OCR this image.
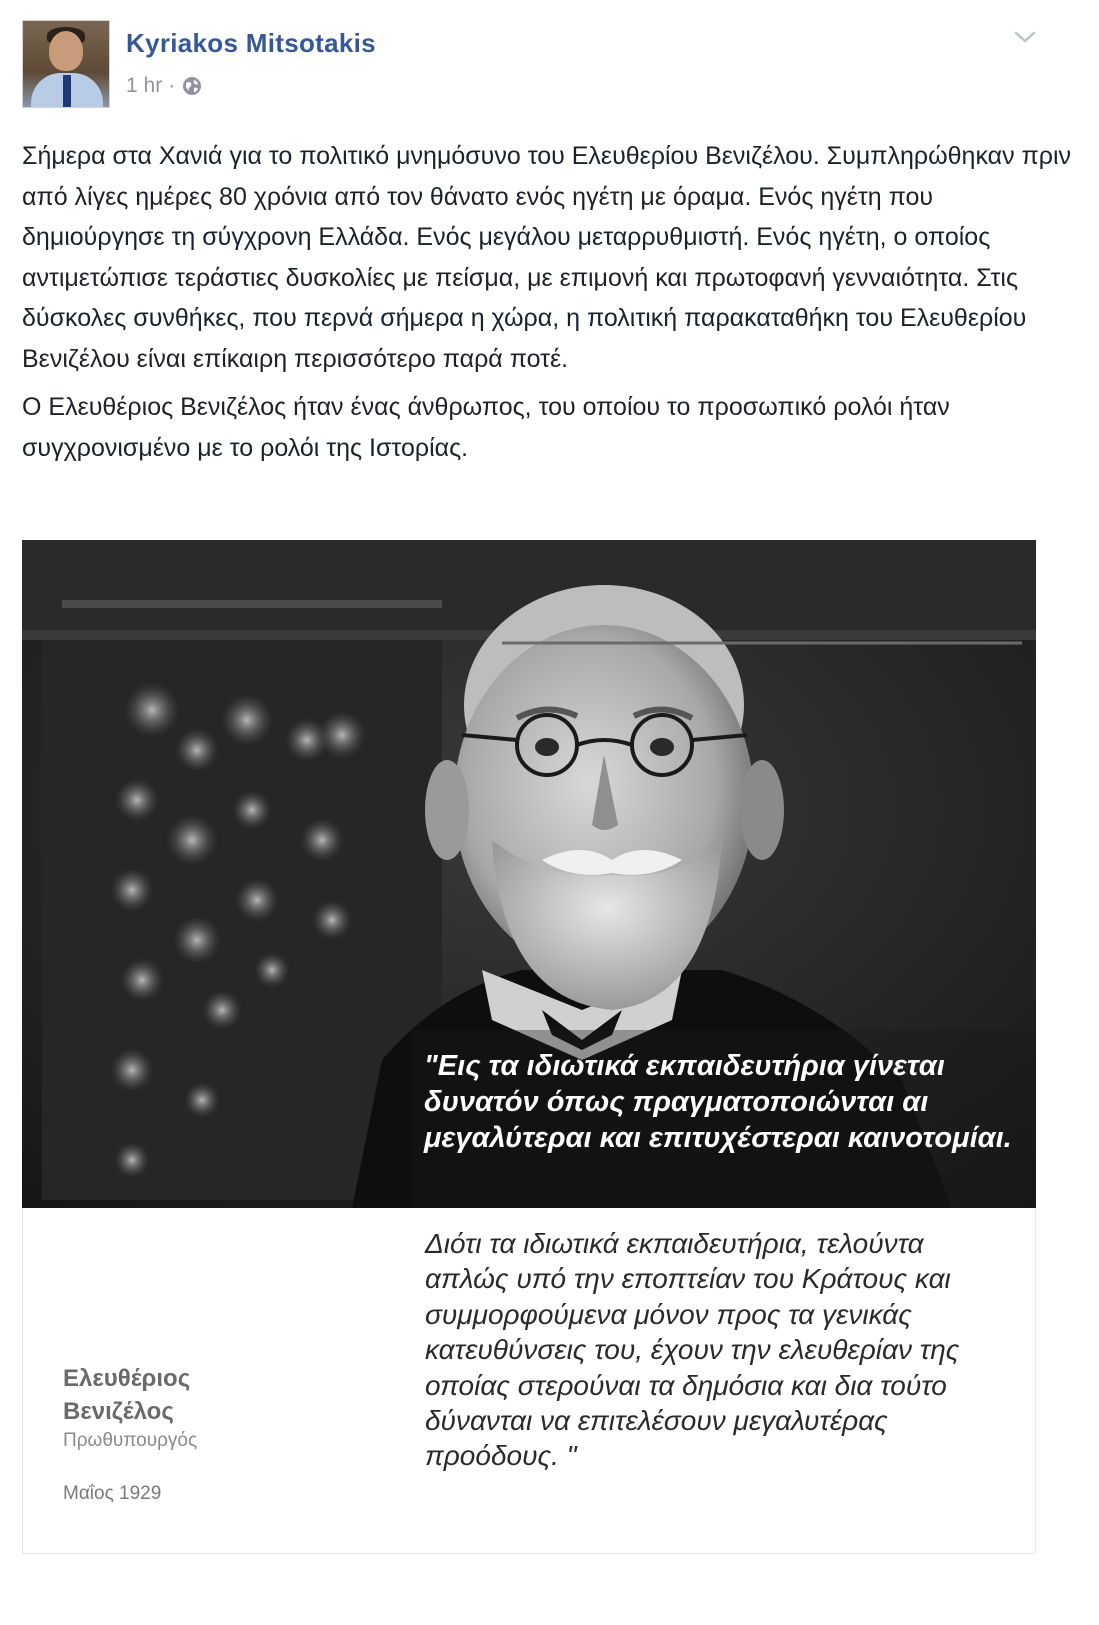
Kyriakos Mitsotakis
1 hr ·

Σήμερα στα Χανιά για το πολιτικό μνημόσυνο του Ελευθερίου Βενιζέλου. Συμπληρώθηκαν πριν από λίγες ημέρες 80 χρόνια από τον θάνατο ενός ηγέτη με όραμα. Ενός ηγέτη που δημιούργησε τη σύγχρονη Ελλάδα. Ενός μεγάλου μεταρρυθμιστή. Ενός ηγέτη, ο οποίος αντιμετώπισε τεράστιες δυσκολίες με πείσμα, με επιμονή και πρωτοφανή γενναιότητα. Στις δύσκολες συνθήκες, που περνά σήμερα η χώρα, η πολιτική παρακαταθήκη του Ελευθερίου Βενιζέλου είναι επίκαιρη περισσότερο παρά ποτέ.

Ο Ελευθέριος Βενιζέλος ήταν ένας άνθρωπος, του οποίου το προσωπικό ρολόι ήταν συγχρονισμένο με το ρολόι της Ιστορίας.

"Εις τα ιδιωτικά εκπαιδευτήρια γίνεται δυνατόν όπως πραγματοποιώνται αι μεγαλύτεραι και επιτυχέστεραι καινοτομίαι.
Διότι τα ιδιωτικά εκπαιδευτήρια, τελούντα απλώς υπό την εποπτείαν του Κράτους και συμμορφούμενα μόνον προς τα γενικάς κατευθύνσεις του, έχουν την ελευθερίαν της οποίας στερούναι τα δημόσια και δια τούτο δύνανται να επιτελέσουν μεγαλυτέρας προόδους. "
Ελευθέριος
Βενιζέλος
Πρωθυπουργός
Μαΐος 1929
